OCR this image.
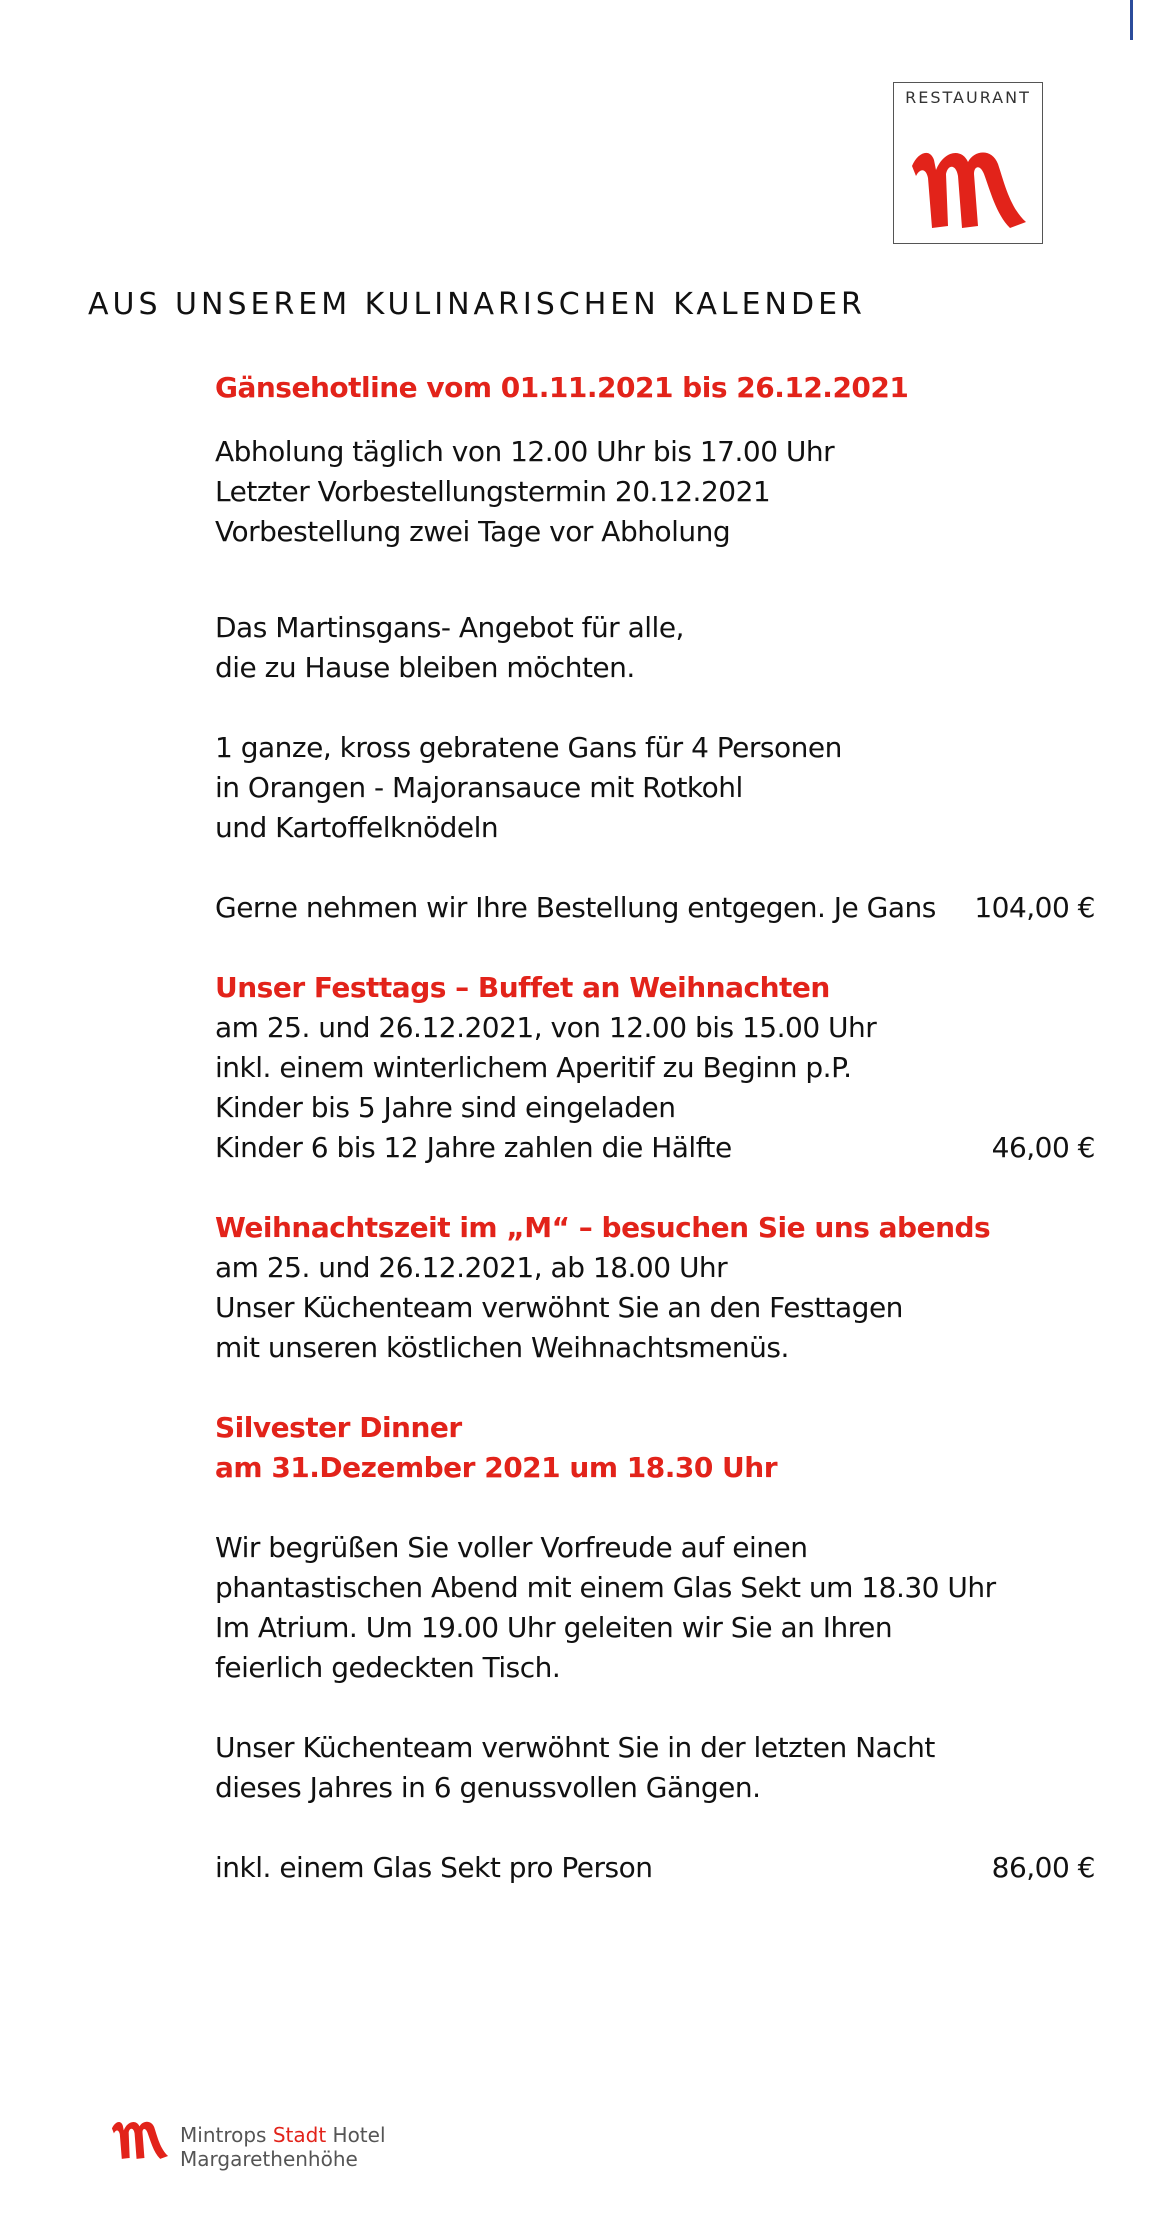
RESTAURANT
AUS UNSEREM KULINARISCHEN KALENDER
Gänsehotline vom 01.11.2021 bis 26.12.2021
Abholung täglich von 12.00 Uhr bis 17.00 Uhr
Letzter Vorbestellungstermin 20.12.2021
Vorbestellung zwei Tage vor Abholung
Das Martinsgans- Angebot für alle,
die zu Hause bleiben möchten.
1 ganze, kross gebratene Gans für 4 Personen
in Orangen - Majoransauce mit Rotkohl
und Kartoffelknödeln
Gerne nehmen wir Ihre Bestellung entgegen. Je Gans 104,00 €
Unser Festtags – Buffet an Weihnachten
am 25. und 26.12.2021, von 12.00 bis 15.00 Uhr
inkl. einem winterlichem Aperitif zu Beginn p.P.
Kinder bis 5 Jahre sind eingeladen
Kinder 6 bis 12 Jahre zahlen die Hälfte	46,00 €
Weihnachtszeit im „M“ – besuchen Sie uns abends
am 25. und 26.12.2021, ab 18.00 Uhr
Unser Küchenteam verwöhnt Sie an den Festtagen
mit unseren köstlichen Weihnachtsmenüs.
Silvester Dinner
am 31.Dezember 2021 um 18.30 Uhr
Wir begrüßen Sie voller Vorfreude auf einen
phantastischen Abend mit einem Glas Sekt um 18.30 Uhr
Im Atrium. Um 19.00 Uhr geleiten wir Sie an Ihren
feierlich gedeckten Tisch.
Unser Küchenteam verwöhnt Sie in der letzten Nacht
dieses Jahres in 6 genussvollen Gängen.
inkl. einem Glas Sekt pro Person	86,00 €
Mintrops Stadt Hotel
Margarethenhöhe
